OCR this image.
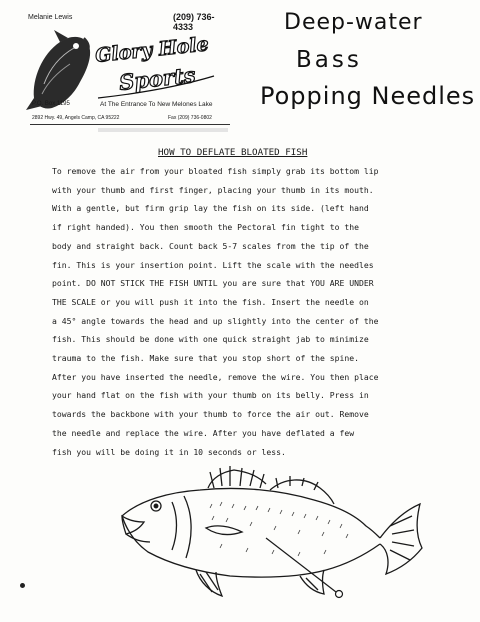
Melanie Lewis	(209) 736-4333
Glory Hole
Sports
P.O. Box 1195	At The Entrance To New Melones Lake
2892 Hwy. 49, Angels Camp, CA 95222	Fax (209) 736-0802
Deep-water
Bass
Popping Needles
HOW TO DEFLATE BLOATED FISH
To remove the air from your bloated fish simply grab its bottom lip
with your thumb and first finger, placing your thumb in its mouth.
With a gentle, but firm grip lay the fish on its side. (left hand
if right handed). You then smooth the Pectoral fin tight to the
body and straight back. Count back 5-7 scales from the tip of the
fin. This is your insertion point. Lift the scale with the needles
point. DO NOT STICK THE FISH UNTIL you are sure that YOU ARE UNDER
THE SCALE or you will push it into the fish. Insert the needle on
a 45° angle towards the head and up slightly into the center of the
fish. This should be done with one quick straight jab to minimize
trauma to the fish. Make sure that you stop short of the spine.
After you have inserted the needle, remove the wire. You then place
your hand flat on the fish with your thumb on its belly. Press in
towards the backbone with your thumb to force the air out. Remove
the needle and replace the wire. After you have deflated a few
fish you will be doing it in 10 seconds or less.
